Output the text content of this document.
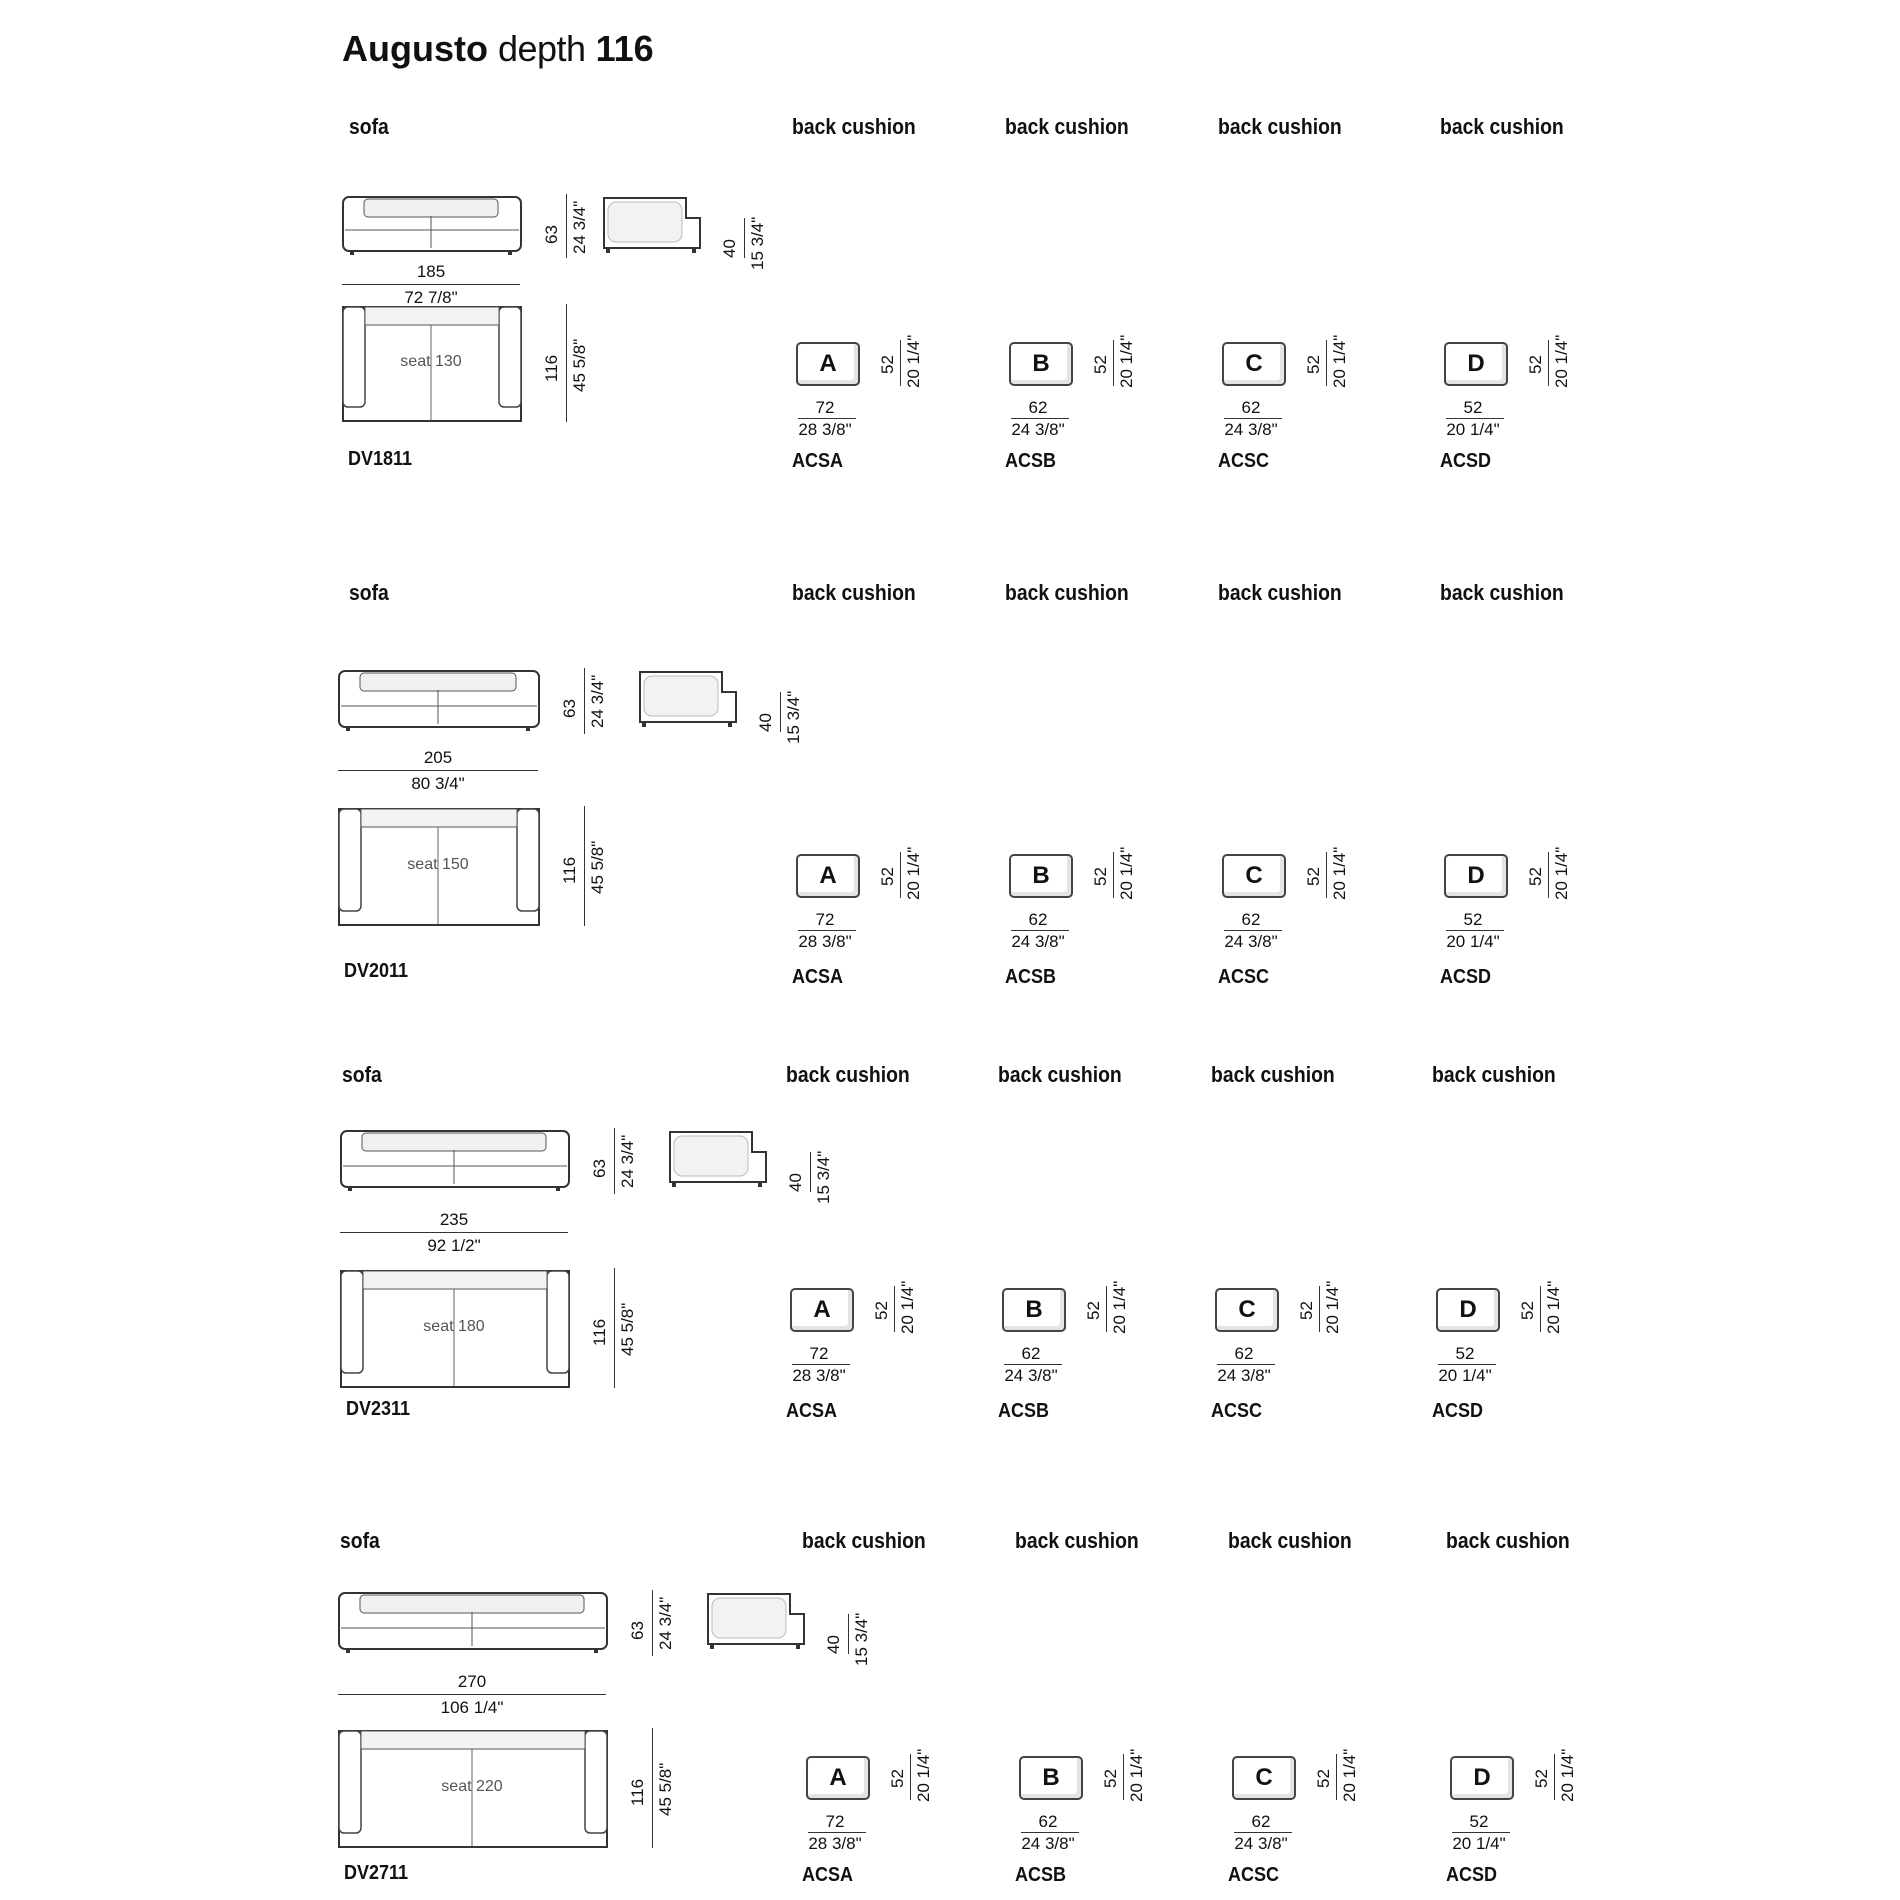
Augusto depth 116
sofa	back cushion	back cushion	back cushion	back cushion
63 24 3/4"	40 15 3/4"
185
72 7/8"
seat 130	116 45 5/8"
DV1811
A	52 20 1/4"
72
28 3/8"
ACSA
B	52 20 1/4"
62
24 3/8"
ACSB
C	52 20 1/4"
62
24 3/8"
ACSC
D	52 20 1/4"
52
20 1/4"
ACSD
sofa	back cushion	back cushion	back cushion	back cushion
63 24 3/4"	40 15 3/4"
205
80 3/4"
seat 150	116 45 5/8"
DV2011
A	52 20 1/4"
72
28 3/8"
ACSA
B	52 20 1/4"
62
24 3/8"
ACSB
C	52 20 1/4"
62
24 3/8"
ACSC
D	52 20 1/4"
52
20 1/4"
ACSD
sofa	back cushion	back cushion	back cushion	back cushion
63 24 3/4"	40 15 3/4"
235
92 1/2"
seat 180	116 45 5/8"
DV2311
A	52 20 1/4"
72
28 3/8"
ACSA
B	52 20 1/4"
62
24 3/8"
ACSB
C	52 20 1/4"
62
24 3/8"
ACSC
D	52 20 1/4"
52
20 1/4"
ACSD
sofa	back cushion	back cushion	back cushion	back cushion
63 24 3/4"	40 15 3/4"
270
106 1/4"
seat 220	116 45 5/8"
DV2711
A	52 20 1/4"
72
28 3/8"
ACSA
B	52 20 1/4"
62
24 3/8"
ACSB
C	52 20 1/4"
62
24 3/8"
ACSC
D	52 20 1/4"
52
20 1/4"
ACSD
